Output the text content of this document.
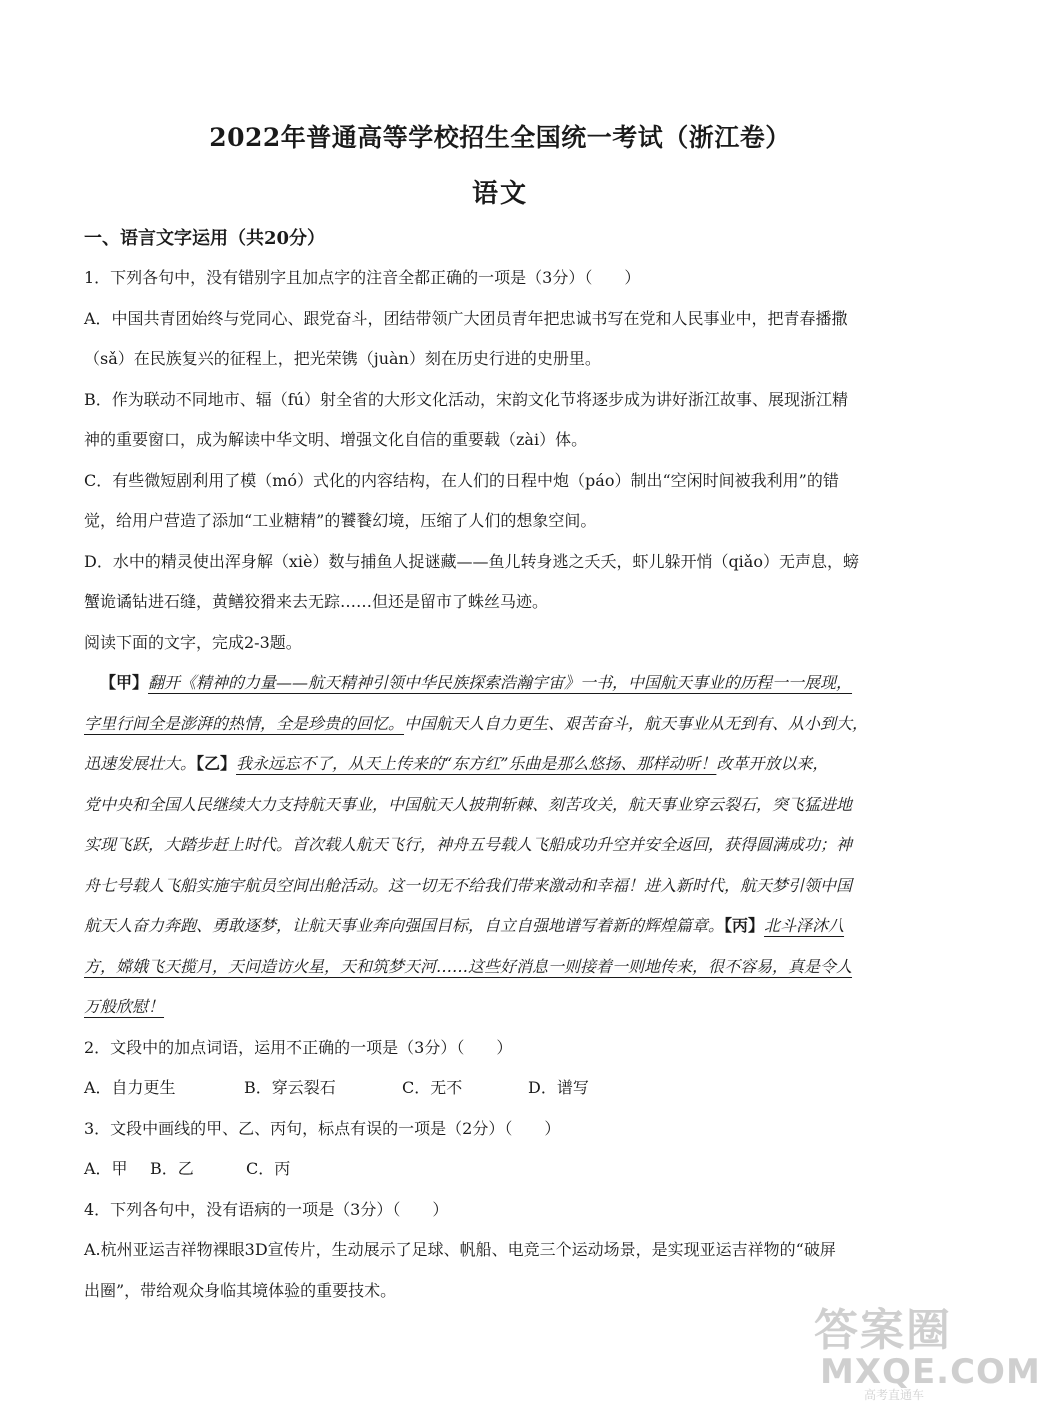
2022年普通高等学校招生全国统一考试（浙江卷）
语文
一、语言文字运用（共20分）

1．下列各句中，没有错别字且加点字的注音全都正确的一项是（3分）（　　）

A．中国共青团始终与党同心、跟党奋斗，团结带领广大团员青年把忠诚书写在党和人民事业中，把青春播撒

（sǎ）在民族复兴的征程上，把光荣镌（juàn）刻在历史行进的史册里。

B．作为联动不同地市、辐（fú）射全省的大形文化活动，宋韵文化节将逐步成为讲好浙江故事、展现浙江精

神的重要窗口，成为解读中华文明、增强文化自信的重要载（zài）体。

C．有些微短剧利用了模（mó）式化的内容结构，在人们的日程中炮（páo）制出“空闲时间被我利用”的错

觉，给用户营造了添加“工业糖精”的饕餮幻境，压缩了人们的想象空间。

D．水中的精灵使出浑身解（xiè）数与捕鱼人捉谜藏——鱼儿转身逃之夭夭，虾儿躲开悄（qiǎo）无声息，螃

蟹诡谲钻进石缝，黄鳝狡猾来去无踪……但还是留市了蛛丝马迹。

阅读下面的文字，完成2-3题。

【甲】翻开《精神的力量——航天精神引领中华民族探索浩瀚宇宙》一书，中国航天事业的历程一一展现，

字里行间全是澎湃的热情，全是珍贵的回忆。中国航天人自力更生、艰苦奋斗，航天事业从无到有、从小到大，

迅速发展壮大。【乙】我永远忘不了，从天上传来的“东方红”乐曲是那么悠扬、那样动听！改革开放以来，

党中央和全国人民继续大力支持航天事业，中国航天人披荆斩棘、刻苦攻关，航天事业穿云裂石，突飞猛进地

实现飞跃，大踏步赶上时代。首次载人航天飞行，神舟五号载人飞船成功升空并安全返回，获得圆满成功；神

舟七号载人飞船实施宇航员空间出舱活动。这一切无不给我们带来激动和幸福！进入新时代，航天梦引领中国

航天人奋力奔跑、勇敢逐梦，让航天事业奔向强国目标，自立自强地谱写着新的辉煌篇章。【丙】北斗泽沐八

方，嫦娥飞天揽月，天问造访火星，天和筑梦天河……这些好消息一则接着一则地传来，很不容易，真是令人

万般欣慰！

2．文段中的加点词语，运用不正确的一项是（3分）（　　）

A．自力更生	B．穿云裂石	C．无不	D．谱写

3．文段中画线的甲、乙、丙句，标点有误的一项是（2分）（　　）

A．甲 B．乙	C．丙

4．下列各句中，没有语病的一项是（3分）（　　）

A.杭州亚运吉祥物裸眼3D宣传片，生动展示了足球、帆船、电竞三个运动场景，是实现亚运吉祥物的“破屏

出圈”，带给观众身临其境体验的重要技术。

答案圈
MXQE.COM
高考直通车
